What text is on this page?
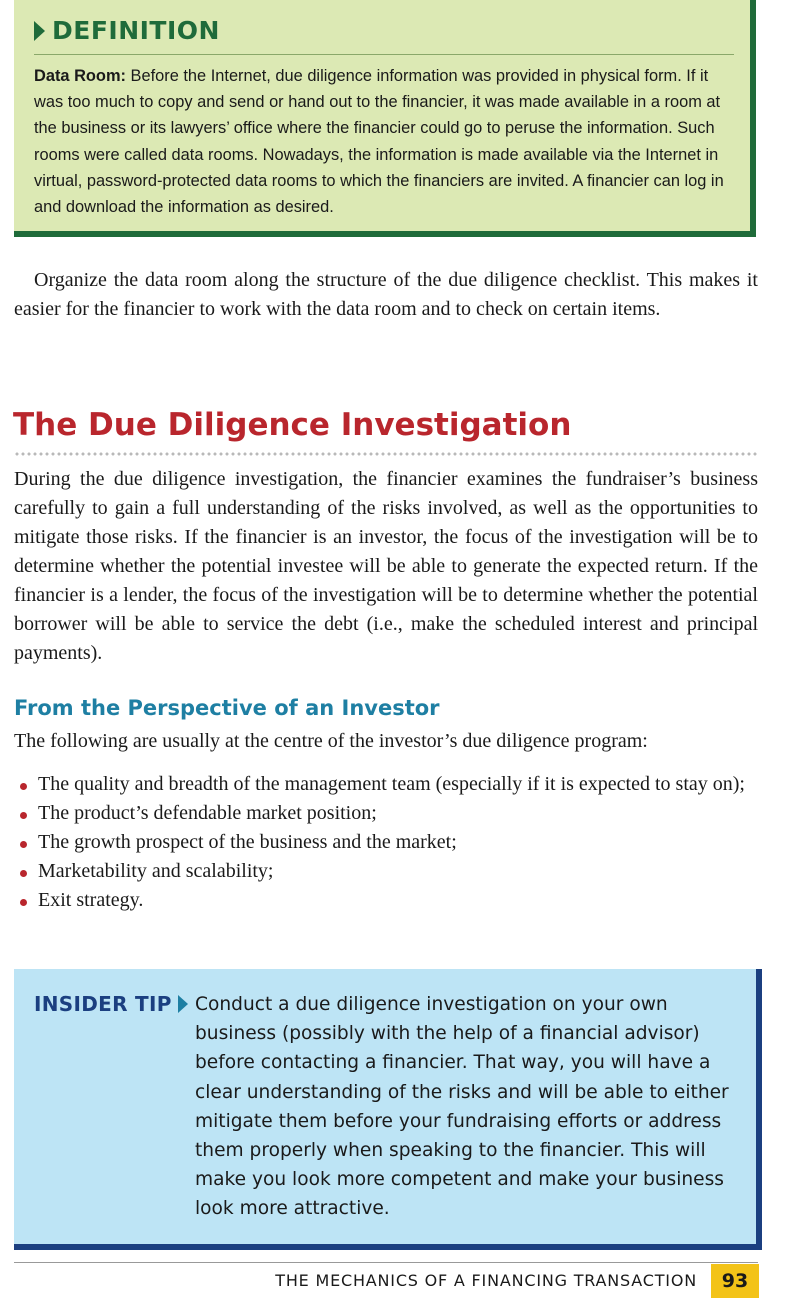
DEFINITION
Data Room: Before the Internet, due diligence information was provided in physical form. If it was too much to copy and send or hand out to the financier, it was made available in a room at the business or its lawyers’ office where the financier could go to peruse the information. Such rooms were called data rooms. Nowadays, the information is made available via the Internet in virtual, password-protected data rooms to which the financiers are invited. A financier can log in and download the information as desired.

Organize the data room along the structure of the due diligence checklist. This makes it easier for the financier to work with the data room and to check on certain items.

The Due Diligence Investigation

During the due diligence investigation, the financier examines the fundraiser’s business carefully to gain a full understanding of the risks involved, as well as the opportunities to mitigate those risks. If the financier is an investor, the focus of the investigation will be to determine whether the potential investee will be able to generate the expected return. If the financier is a lender, the focus of the investigation will be to determine whether the potential borrower will be able to service the debt (i.e., make the scheduled interest and principal payments).

From the Perspective of an Investor

The following are usually at the centre of the investor’s due diligence program:

The quality and breadth of the management team (especially if it is expected to stay on);
The product’s defendable market position;
The growth prospect of the business and the market;
Marketability and scalability;
Exit strategy.
INSIDER TIP Conduct a due diligence investigation on your own business (possibly with the help of a financial advisor) before contacting a financier. That way, you will have a clear understanding of the risks and will be able to either mitigate them before your fundraising efforts or address them properly when speaking to the financier. This will make you look more competent and make your business look more attractive.
THE MECHANICS OF A FINANCING TRANSACTION	93
